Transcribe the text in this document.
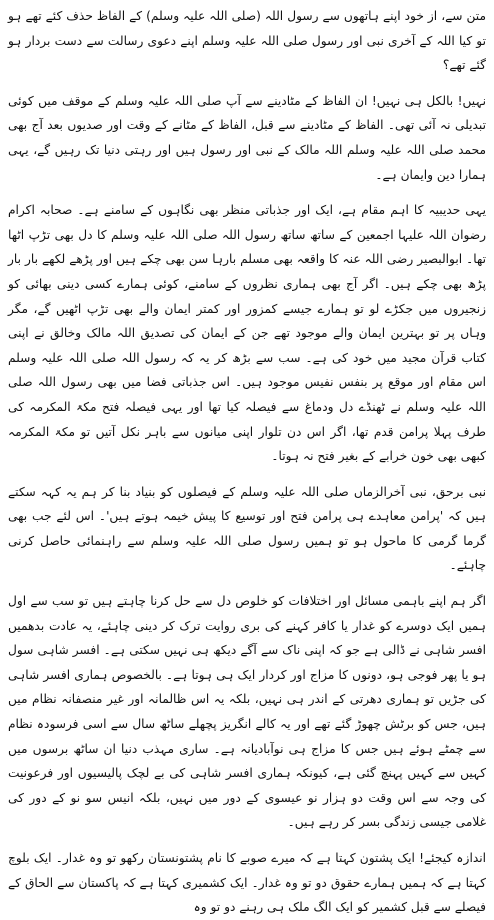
متن سے، از خود اپنے ہاتھوں سے رسول اللہ (صلی اللہ علیہ وسلم) کے الفاظ حذف کئے تھے ہو تو کیا اللہ کے آخری نبی اور رسول صلی اللہ علیہ وسلم اپنے دعوی رسالت سے دست بردار ہو گئے تھے؟

نہیں! بالکل ہی نہیں! ان الفاظ کے مٹادینے سے آپ صلی اللہ علیہ وسلم کے موقف میں کوئی تبدیلی نہ آئی تھی۔ الفاظ کے مٹادینے سے قبل، الفاظ کے مٹانے کے وقت اور صدیوں بعد آج بھی محمد صلی اللہ علیہ وسلم اللہ مالک کے نبی اور رسول ہیں اور رہتی دنیا تک رہیں گے، یہی ہمارا دین وایمان ہے۔

یہی حدیبیہ کا اہم مقام ہے، ایک اور جذباتی منظر بھی نگاہوں کے سامنے ہے۔ صحابہ اکرام رضوان اللہ علیہا اجمعین کے ساتھ ساتھ رسول اللہ صلی اللہ علیہ وسلم کا دل بھی تڑپ اٹھا تھا۔ ابوالبصیر رضی اللہ عنہ کا واقعہ بھی مسلم بارہا سن بھی چکے ہیں اور پڑھے لکھے بار بار پڑھ بھی چکے ہیں۔ اگر آج بھی ہماری نظروں کے سامنے، کوئی ہمارے کسی دینی بھائی کو زنجیروں میں جکڑے لو تو ہمارے جیسے کمزور اور کمتر ایمان والے بھی تڑپ اٹھیں گے، مگر وہاں پر تو بہترین ایمان والے موجود تھے جن کے ایمان کی تصدیق اللہ مالک وخالق نے اپنی کتاب قرآن مجید میں خود کی ہے۔ سب سے بڑھ کر یہ کہ رسول اللہ صلی اللہ علیہ وسلم اس مقام اور موقع پر بنفس نفیس موجود ہیں۔ اس جذباتی فضا میں بھی رسول اللہ صلی اللہ علیہ وسلم نے ٹھنڈے دل ودماغ سے فیصلہ کیا تھا اور یہی فیصلہ فتح مکۃ المکرمہ کی طرف پہلا پرامن قدم تھا، اگر اس دن تلوار اپنی میانوں سے باہر نکل آتیں تو مکۃ المکرمہ کبھی بھی خون خرابے کے بغیر فتح نہ ہوتا۔

نبی برحق، نبی آخرالزماں صلی اللہ علیہ وسلم کے فیصلوں کو بنیاد بنا کر ہم یہ کہہ سکتے ہیں کہ 'پرامن معاہدے ہی پرامن فتح اور توسیع کا پیش خیمہ ہوتے ہیں'۔ اس لئے جب بھی گرما گرمی کا ماحول ہو تو ہمیں رسول صلی اللہ علیہ وسلم سے راہنمائی حاصل کرنی چاہئے۔

اگر ہم اپنے باہمی مسائل اور اختلافات کو خلوص دل سے حل کرنا چاہتے ہیں تو سب سے اول ہمیں ایک دوسرے کو غدار یا کافر کہنے کی بری روایت ترک کر دینی چاہئے، یہ عادت بدھمیں افسر شاہی نے ڈالی ہے جو کہ اپنی ناک سے آگے دیکھ ہی نہیں سکتی ہے۔ افسر شاہی سول ہو یا پھر فوجی ہو، دونوں کا مزاج اور کردار ایک ہی ہوتا ہے۔ بالخصوص ہماری افسر شاہی کی جڑیں تو ہماری دھرتی کے اندر ہی نہیں، بلکہ یہ اس ظالمانہ اور غیر منصفانہ نظام میں ہیں، جس کو برٹش چھوڑ گئے تھے اور یہ کالے انگریز پچھلے ساٹھ سال سے اسی فرسودہ نظام سے چمٹے ہوئے ہیں جس کا مزاج ہی نوآبادیانہ ہے۔ ساری مہذب دنیا ان ساٹھ برسوں میں کہیں سے کہیں پہنچ گئی ہے، کیونکہ ہماری افسر شاہی کی بے لچک پالیسیوں اور فرعونیت کی وجہ سے اس وقت دو ہزار نو عیسوی کے دور میں نہیں، بلکہ انیس سو نو کے دور کی غلامی جیسی زندگی بسر کر رہے ہیں۔

اندازہ کیجئے! ایک پشتون کہتا ہے کہ میرے صوبے کا نام پشتونستان رکھو تو وہ غدار۔ ایک بلوچ کہتا ہے کہ ہمیں ہمارے حقوق دو تو وہ غدار۔ ایک کشمیری کہتا ہے کہ پاکستان سے الحاق کے فیصلے سے قبل کشمیر کو ایک الگ ملک ہی رہنے دو تو وہ
